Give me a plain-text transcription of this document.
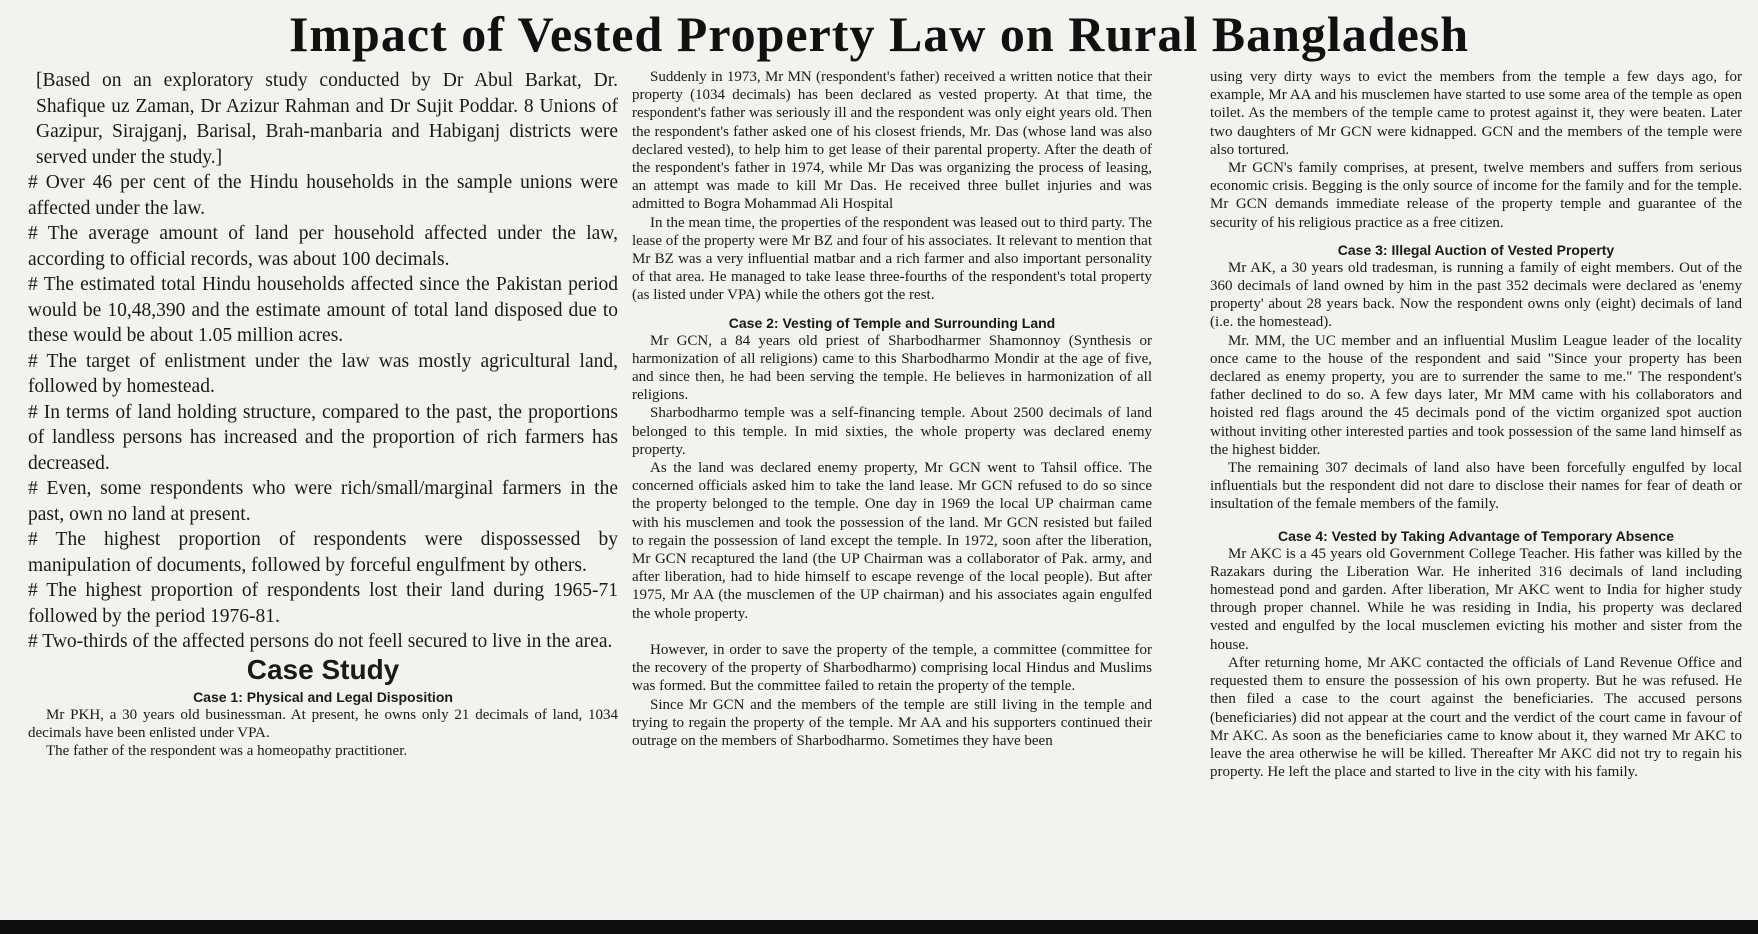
Impact of Vested Property Law on Rural Bangladesh

[Based on an exploratory study conducted by Dr Abul Barkat, Dr. Shafique uz Zaman, Dr Azizur Rahman and Dr Sujit Poddar. 8 Unions of Gazipur, Sirajganj, Barisal, Brah-manbaria and Habiganj districts were served under the study.]

# Over 46 per cent of the Hindu households in the sample unions were affected under the law.

# The average amount of land per household affected under the law, according to official records, was about 100 decimals.

# The estimated total Hindu households affected since the Pakistan period would be 10,48,390 and the estimate amount of total land disposed due to these would be about 1.05 million acres.

# The target of enlistment under the law was mostly agricultural land, followed by homestead.

# In terms of land holding structure, compared to the past, the proportions of landless persons has increased and the proportion of rich farmers has decreased.

# Even, some respondents who were rich/small/marginal farmers in the past, own no land at present.

# The highest proportion of respondents were dispossessed by manipulation of documents, followed by forceful engulfment by others.

# The highest proportion of respondents lost their land during 1965-71 followed by the period 1976-81.

# Two-thirds of the affected persons do not feell secured to live in the area.

Case Study
Case 1: Physical and Legal Disposition

Mr PKH, a 30 years old businessman. At present, he owns only 21 decimals of land, 1034 decimals have been enlisted under VPA.

The father of the respondent was a homeopathy practitioner.

Suddenly in 1973, Mr MN (respondent's father) received a written notice that their property (1034 decimals) has been declared as vested property. At that time, the respondent's father was seriously ill and the respondent was only eight years old. Then the respondent's father asked one of his closest friends, Mr. Das (whose land was also declared vested), to help him to get lease of their parental property. After the death of the respondent's father in 1974, while Mr Das was organizing the process of leasing, an attempt was made to kill Mr Das. He received three bullet injuries and was admitted to Bogra Mohammad Ali Hospital

In the mean time, the properties of the respondent was leased out to third party. The lease of the property were Mr BZ and four of his associates. It relevant to mention that Mr BZ was a very influential matbar and a rich farmer and also important personality of that area. He managed to take lease three-fourths of the respondent's total property (as listed under VPA) while the others got the rest.

Case 2: Vesting of Temple and Surrounding Land

Mr GCN, a 84 years old priest of Sharbodharmer Shamonnoy (Synthesis or harmonization of all religions) came to this Sharbodharmo Mondir at the age of five, and since then, he had been serving the temple. He believes in harmonization of all religions.

Sharbodharmo temple was a self-financing temple. About 2500 decimals of land belonged to this temple. In mid sixties, the whole property was declared enemy property.

As the land was declared enemy property, Mr GCN went to Tahsil office. The concerned officials asked him to take the land lease. Mr GCN refused to do so since the property belonged to the temple. One day in 1969 the local UP chairman came with his musclemen and took the possession of the land. Mr GCN resisted but failed to regain the possession of land except the temple. In 1972, soon after the liberation, Mr GCN recaptured the land (the UP Chairman was a collaborator of Pak. army, and after liberation, had to hide himself to escape revenge of the local people). But after 1975, Mr AA (the musclemen of the UP chairman) and his associates again engulfed the whole property.

However, in order to save the property of the temple, a committee (committee for the recovery of the property of Sharbodharmo) comprising local Hindus and Muslims was formed. But the committee failed to retain the property of the temple.

Since Mr GCN and the members of the temple are still living in the temple and trying to regain the property of the temple. Mr AA and his supporters continued their outrage on the members of Sharbodharmo. Sometimes they have been

using very dirty ways to evict the members from the temple a few days ago, for example, Mr AA and his musclemen have started to use some area of the temple as open toilet. As the members of the temple came to protest against it, they were beaten. Later two daughters of Mr GCN were kidnapped. GCN and the members of the temple were also tortured.

Mr GCN's family comprises, at present, twelve members and suffers from serious economic crisis. Begging is the only source of income for the family and for the temple. Mr GCN demands immediate release of the property temple and guarantee of the security of his religious practice as a free citizen.

Case 3: Illegal Auction of Vested Property

Mr AK, a 30 years old tradesman, is running a family of eight members. Out of the 360 decimals of land owned by him in the past 352 decimals were declared as 'enemy property' about 28 years back. Now the respondent owns only (eight) decimals of land (i.e. the homestead).

Mr. MM, the UC member and an influential Muslim League leader of the locality once came to the house of the respondent and said "Since your property has been declared as enemy property, you are to surrender the same to me." The respondent's father declined to do so. A few days later, Mr MM came with his collaborators and hoisted red flags around the 45 decimals pond of the victim organized spot auction without inviting other interested parties and took possession of the same land himself as the highest bidder.

The remaining 307 decimals of land also have been forcefully engulfed by local influentials but the respondent did not dare to disclose their names for fear of death or insultation of the female members of the family.

Case 4: Vested by Taking Advantage of Temporary Absence

Mr AKC is a 45 years old Government College Teacher. His father was killed by the Razakars during the Liberation War. He inherited 316 decimals of land including homestead pond and garden. After liberation, Mr AKC went to India for higher study through proper channel. While he was residing in India, his property was declared vested and engulfed by the local musclemen evicting his mother and sister from the house.

After returning home, Mr AKC contacted the officials of Land Revenue Office and requested them to ensure the possession of his own property. But he was refused. He then filed a case to the court against the beneficiaries. The accused persons (beneficiaries) did not appear at the court and the verdict of the court came in favour of Mr AKC. As soon as the beneficiaries came to know about it, they warned Mr AKC to leave the area otherwise he will be killed. Thereafter Mr AKC did not try to regain his property. He left the place and started to live in the city with his family.
